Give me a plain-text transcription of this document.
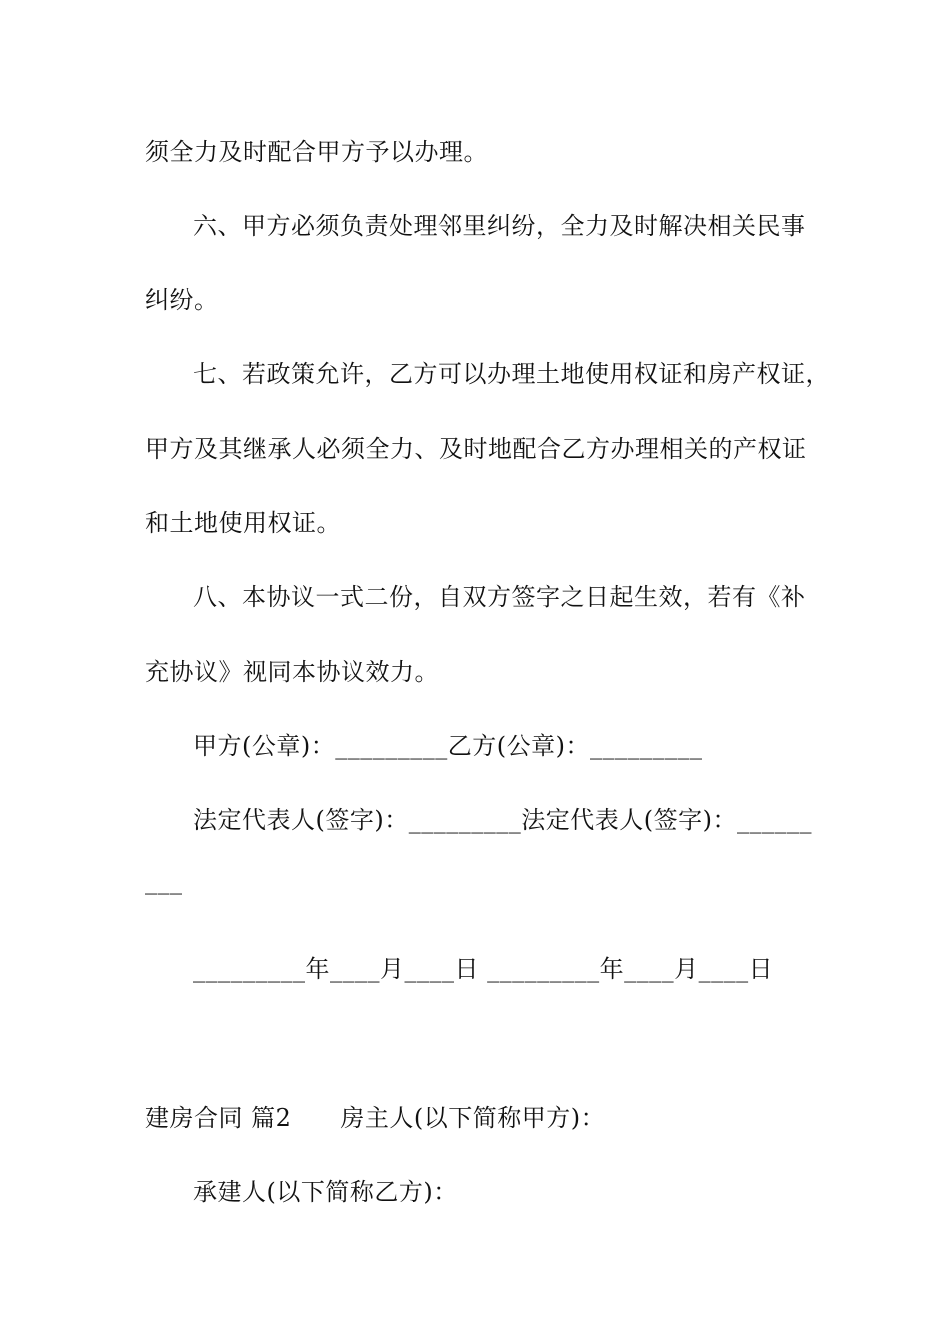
须全力及时配合甲方予以办理。
六、甲方必须负责处理邻里纠纷，全力及时解决相关民事
纠纷。
七、若政策允许，乙方可以办理土地使用权证和房产权证，
甲方及其继承人必须全力、及时地配合乙方办理相关的产权证
和土地使用权证。
八、本协议一式二份，自双方签字之日起生效，若有《补
充协议》视同本协议效力。
甲方(公章)：_________乙方(公章)：_________
法定代表人(签字)：_________法定代表人(签字)：______
___
_________年____月____日 _________年____月____日
建房合同 篇2　　房主人(以下简称甲方)：
承建人(以下简称乙方)：
